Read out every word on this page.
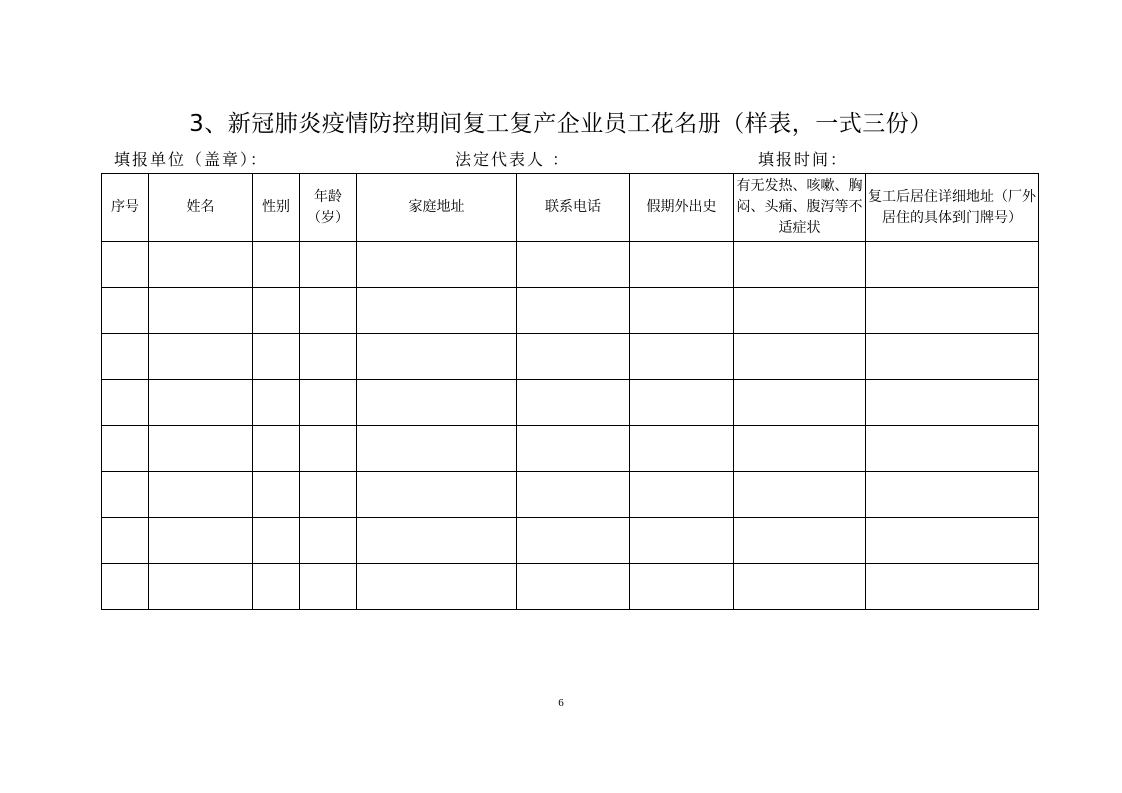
3、新冠肺炎疫情防控期间复工复产企业员工花名册（样表，一式三份）
填报单位（盖章）：	法定代表人 ：	填报时间：
序号	姓名	性别	年龄（岁）	家庭地址	联系电话	假期外出史	有无发热、咳嗽、胸闷、头痛、腹泻等不适症状	复工后居住详细地址（厂外居住的具体到门牌号）

6
